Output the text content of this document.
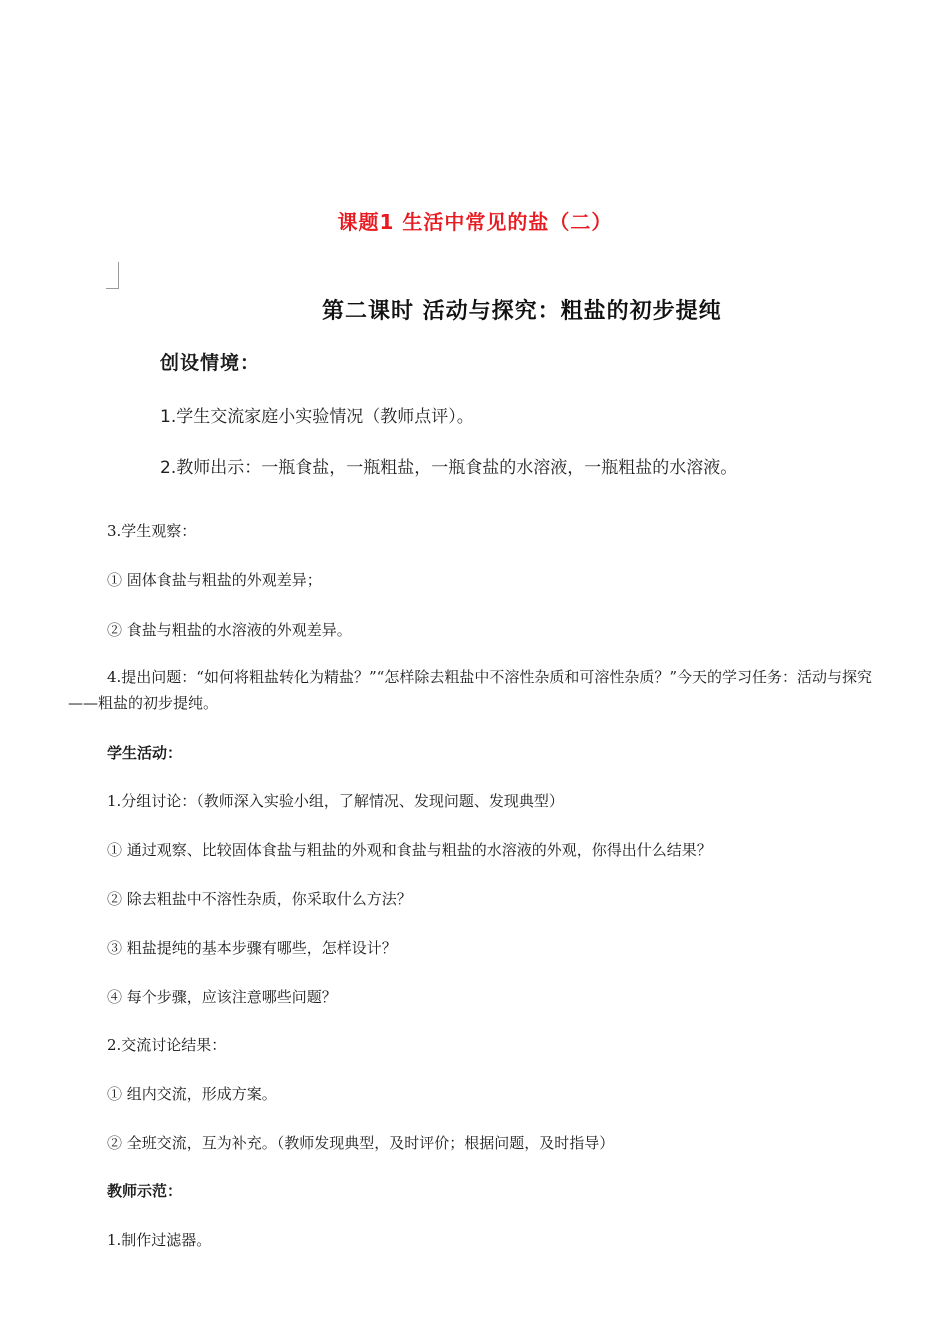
课题1 生活中常见的盐（二）
第二课时 活动与探究：粗盐的初步提纯
创设情境：
1.学生交流家庭小实验情况（教师点评）。
2.教师出示：一瓶食盐，一瓶粗盐，一瓶食盐的水溶液，一瓶粗盐的水溶液。
3.学生观察：
① 固体食盐与粗盐的外观差异；
② 食盐与粗盐的水溶液的外观差异。
4.提出问题：“如何将粗盐转化为精盐？”“怎样除去粗盐中不溶性杂质和可溶性杂质？”今天的学习任务：活动与探究——粗盐的初步提纯。
学生活动：
1.分组讨论：（教师深入实验小组，了解情况、发现问题、发现典型）
① 通过观察、比较固体食盐与粗盐的外观和食盐与粗盐的水溶液的外观，你得出什么结果？
② 除去粗盐中不溶性杂质，你采取什么方法？
③ 粗盐提纯的基本步骤有哪些，怎样设计？
④ 每个步骤，应该注意哪些问题？
2.交流讨论结果：
① 组内交流，形成方案。
② 全班交流，互为补充。（教师发现典型，及时评价；根据问题，及时指导）
教师示范：
1.制作过滤器。
